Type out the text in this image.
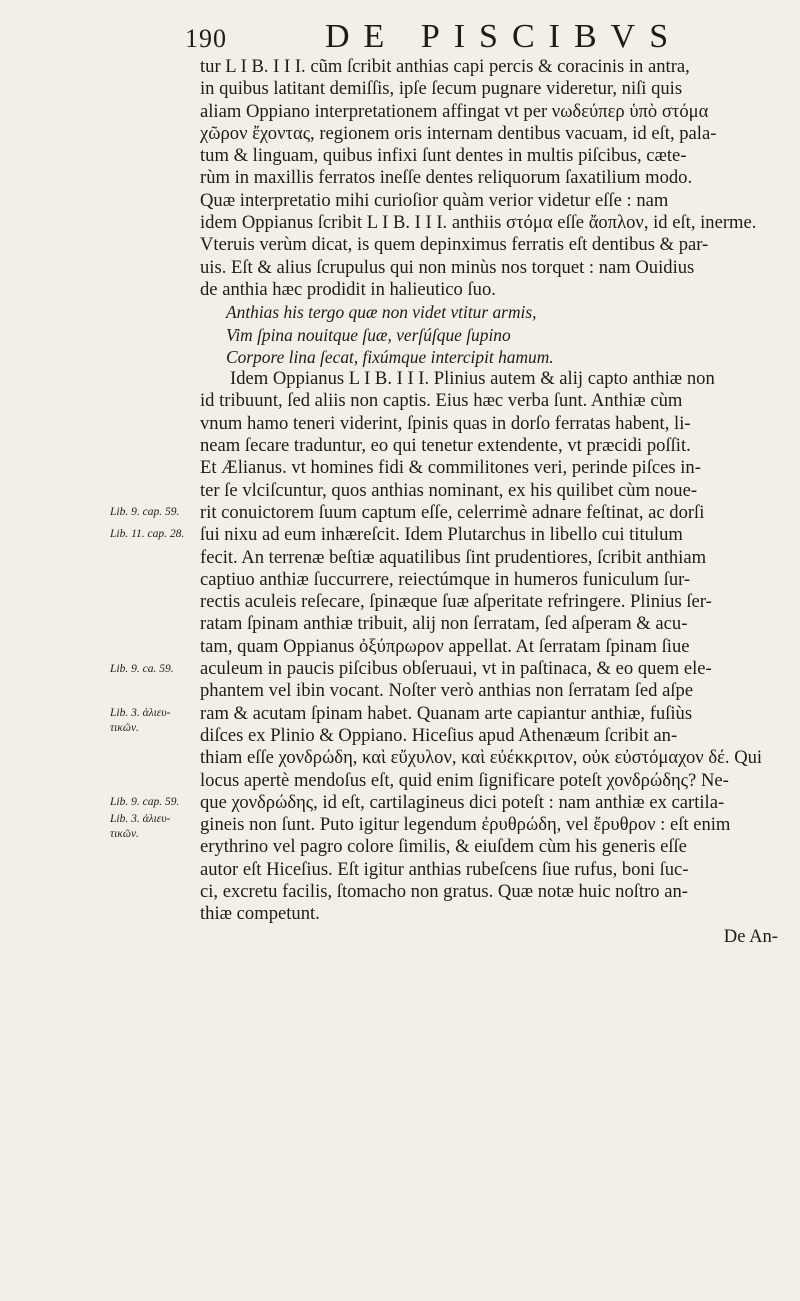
190	DE PISCIBVS
tur L I B. I I I. cũm ſcribit anthias capi percis & coracinis in antra,
in quibus latitant demiſſis, ipſe ſecum pugnare videretur, niſi quis
aliam Oppiano interpretationem affingat vt per νωδεύπερ ὑπὸ στόμα
χῶρον ἔχοντας, regionem oris internam dentibus vacuam, id eſt, pala-
tum & linguam, quibus infixi ſunt dentes in multis piſcibus, cæte-
rùm in maxillis ferratos ineſſe dentes reliquorum ſaxatilium modo.
Quæ interpretatio mihi curioſior quàm verior videtur eſſe : nam
idem Oppianus ſcribit L I B. I I I. anthiis στόμα eſſe ἄοπλον, id eſt, inerme.
Vteruis verùm dicat, is quem depinximus ferratis eſt dentibus & par-
uis. Eſt & alius ſcrupulus qui non minùs nos torquet : nam Ouidius
de anthia hæc prodidit in halieutico ſuo.
Anthias his tergo quæ non videt vtitur armis,
Vim ſpina nouitque ſuæ, verſúſque ſupino
Corpore lina ſecat, fixúmque intercipit hamum.
Idem Oppianus L I B. I I I. Plinius autem & alij capto anthiæ non
id tribuunt, ſed aliis non captis. Eius hæc verba ſunt. Anthiæ cùm
vnum hamo teneri viderint, ſpinis quas in dorſo ferratas habent, li-
neam ſecare traduntur, eo qui tenetur extendente, vt præcidi poſſit.
Et Ælianus. vt homines fidi & commilitones veri, perinde piſces in-
ter ſe vlciſcuntur, quos anthias nominant, ex his quilibet cùm noue-
rit conuictorem ſuum captum eſſe, celerrimè adnare feſtinat, ac dorſi
ſui nixu ad eum inhæreſcit. Idem Plutarchus in libello cui titulum
fecit. An terrenæ beſtiæ aquatilibus ſint prudentiores, ſcribit anthiam
captiuo anthiæ ſuccurrere, reiectúmque in humeros funiculum ſur-
rectis aculeis reſecare, ſpinæque ſuæ aſperitate refringere. Plinius ſer-
ratam ſpinam anthiæ tribuit, alij non ſerratam, ſed aſperam & acu-
tam, quam Oppianus ὀξύπρωρον appellat. At ſerratam ſpinam ſiue
aculeum in paucis piſcibus obſeruaui, vt in paſtinaca, & eo quem ele-
phantem vel ibin vocant. Noſter verò anthias non ſerratam ſed aſpe
ram & acutam ſpinam habet. Quanam arte capiantur anthiæ, fuſiùs
diſces ex Plinio & Oppiano. Hiceſius apud Athenæum ſcribit an-
thiam eſſe χονδρώδη, καὶ εὔχυλον, καὶ εὐέκκριτον, οὐκ εὐστόμαχον δέ. Qui
locus apertè mendoſus eſt, quid enim ſignificare poteſt χονδρώδης? Ne-
que χονδρώδης, id eſt, cartilagineus dici poteſt : nam anthiæ ex cartila-
gineis non ſunt. Puto igitur legendum ἐρυθρώδη, vel ἔρυθρον : eſt enim
erythrino vel pagro colore ſimilis, & eiuſdem cùm his generis eſſe
autor eſt Hiceſius. Eſt igitur anthias rubeſcens ſiue rufus, boni ſuc-
ci, excretu facilis, ſtomacho non gratus. Quæ notæ huic noſtro an-
thiæ competunt.
De An-
Lib. 9. cap. 59.
Lib. 11. cap. 28.
Lib. 9. ca. 59.
Lib. 3. ἁλιευ-
τικῶν.
Lib. 9. cap. 59.
Lib. 3. ἁλιευ-
τικῶν.
